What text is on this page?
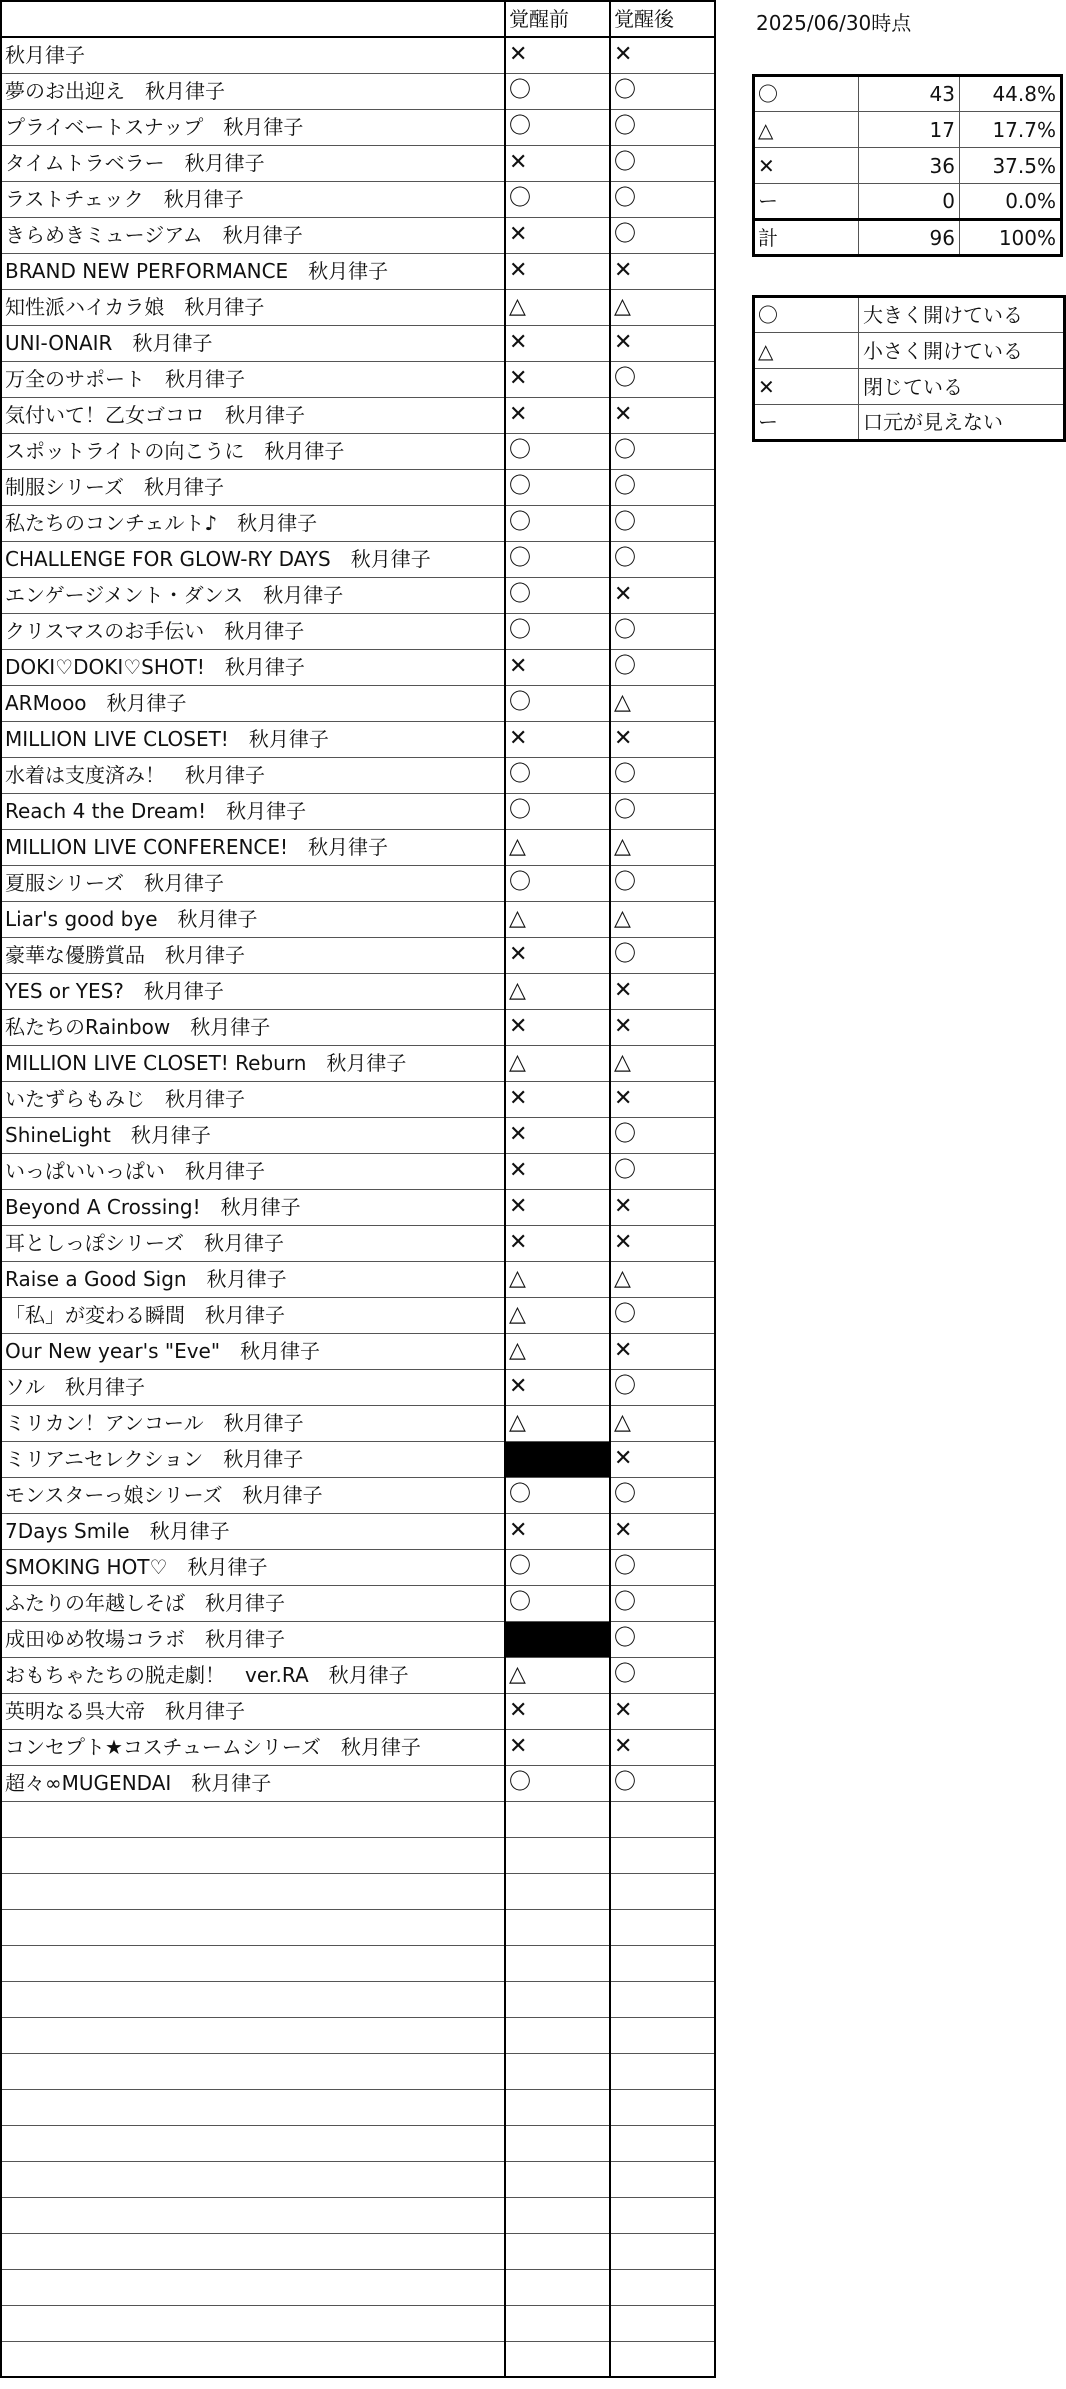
	覚醒前	覚醒後
秋月律子	✕	✕
夢のお出迎え　秋月律子	〇	〇
プライベートスナップ　秋月律子	〇	〇
タイムトラベラー　秋月律子	✕	〇
ラストチェック　秋月律子	〇	〇
きらめきミュージアム　秋月律子	✕	〇
BRAND NEW PERFORMANCE　秋月律子	✕	✕
知性派ハイカラ娘　秋月律子	△	△
UNI-ONAIR　秋月律子	✕	✕
万全のサポート　秋月律子	✕	〇
気付いて！乙女ゴコロ　秋月律子	✕	✕
スポットライトの向こうに　秋月律子	〇	〇
制服シリーズ　秋月律子	〇	〇
私たちのコンチェルト♪　秋月律子	〇	〇
CHALLENGE FOR GLOW-RY DAYS　秋月律子	〇	〇
エンゲージメント・ダンス　秋月律子	〇	✕
クリスマスのお手伝い　秋月律子	〇	〇
DOKI♡DOKI♡SHOT!　秋月律子	✕	〇
ARMooo　秋月律子	〇	△
MILLION LIVE CLOSET!　秋月律子	✕	✕
水着は支度済み！　秋月律子	〇	〇
Reach 4 the Dream!　秋月律子	〇	〇
MILLION LIVE CONFERENCE!　秋月律子	△	△
夏服シリーズ　秋月律子	〇	〇
Liar's good bye　秋月律子	△	△
豪華な優勝賞品　秋月律子	✕	〇
YES or YES?　秋月律子	△	✕
私たちのRainbow　秋月律子	✕	✕
MILLION LIVE CLOSET! Reburn　秋月律子	△	△
いたずらもみじ　秋月律子	✕	✕
ShineLight　秋月律子	✕	〇
いっぱいいっぱい　秋月律子	✕	〇
Beyond A Crossing!　秋月律子	✕	✕
耳としっぽシリーズ　秋月律子	✕	✕
Raise a Good Sign　秋月律子	△	△
「私」が変わる瞬間　秋月律子	△	〇
Our New year's "Eve"　秋月律子	△	✕
ソル　秋月律子	✕	〇
ミリカン！アンコール　秋月律子	△	△
ミリアニセレクション　秋月律子		✕
モンスターっ娘シリーズ　秋月律子	〇	〇
7Days Smile　秋月律子	✕	✕
SMOKING HOT♡　秋月律子	〇	〇
ふたりの年越しそば　秋月律子	〇	〇
成田ゆめ牧場コラボ　秋月律子		〇
おもちゃたちの脱走劇！　ver.RA　秋月律子	△	〇
英明なる呉大帝　秋月律子	✕	✕
コンセプト★コスチュームシリーズ　秋月律子	✕	✕
超々∞MUGENDAI　秋月律子	〇	〇

2025/06/30時点
〇	43	44.8%
△	17	17.7%
✕	36	37.5%
ー	0	0.0%
計	96	100%
〇	大きく開けている
△	小さく開けている
✕	閉じている
ー	口元が見えない
